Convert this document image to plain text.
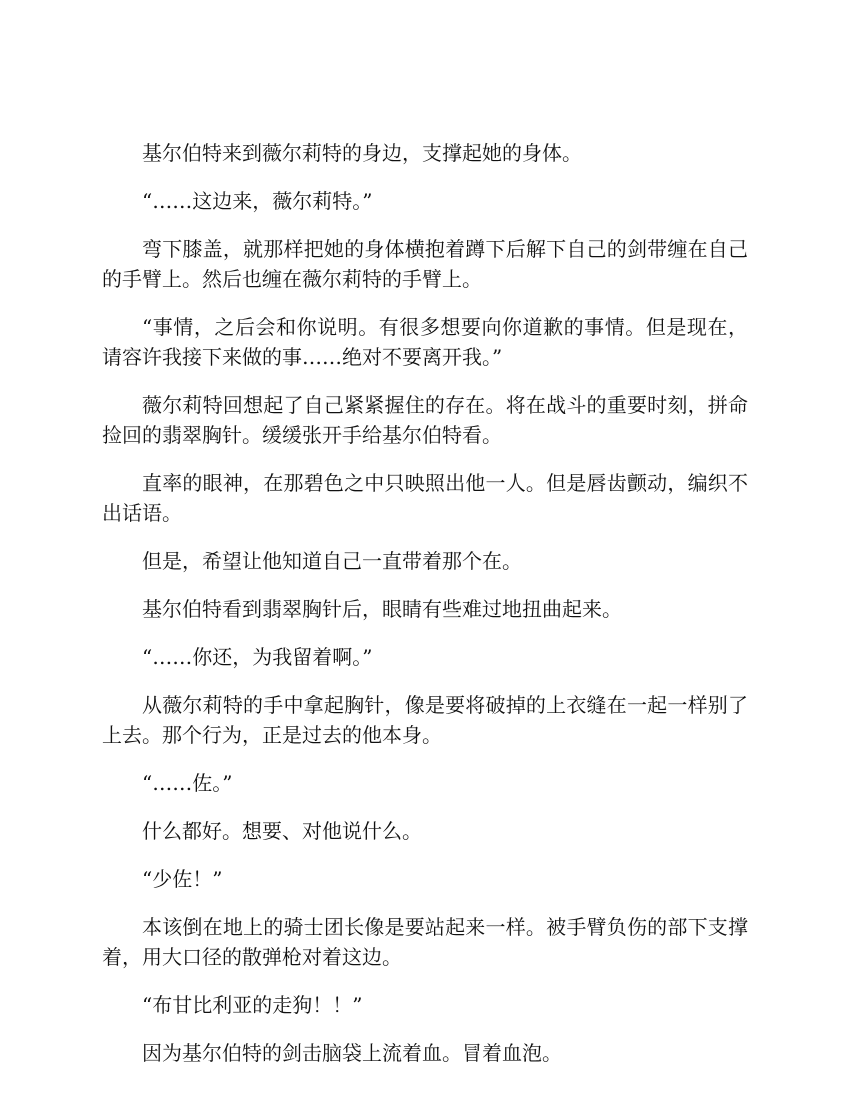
基尔伯特来到薇尔莉特的身边，支撑起她的身体。

“……这边来，薇尔莉特。”

弯下膝盖，就那样把她的身体横抱着蹲下后解下自己的剑带缠在自己的手臂上。然后也缠在薇尔莉特的手臂上。

“事情，之后会和你说明。有很多想要向你道歉的事情。但是现在，请容许我接下来做的事……绝对不要离开我。”

薇尔莉特回想起了自己紧紧握住的存在。将在战斗的重要时刻，拼命捡回的翡翠胸针。缓缓张开手给基尔伯特看。

直率的眼神，在那碧色之中只映照出他一人。但是唇齿颤动，编织不出话语。

但是，希望让他知道自己一直带着那个在。

基尔伯特看到翡翠胸针后，眼睛有些难过地扭曲起来。

“……你还，为我留着啊。”

从薇尔莉特的手中拿起胸针，像是要将破掉的上衣缝在一起一样别了上去。那个行为，正是过去的他本身。

“……佐。”

什么都好。想要、对他说什么。

“少佐！”

本该倒在地上的骑士团长像是要站起来一样。被手臂负伤的部下支撑着，用大口径的散弹枪对着这边。

“布甘比利亚的走狗！！”

因为基尔伯特的剑击脑袋上流着血。冒着血泡。
